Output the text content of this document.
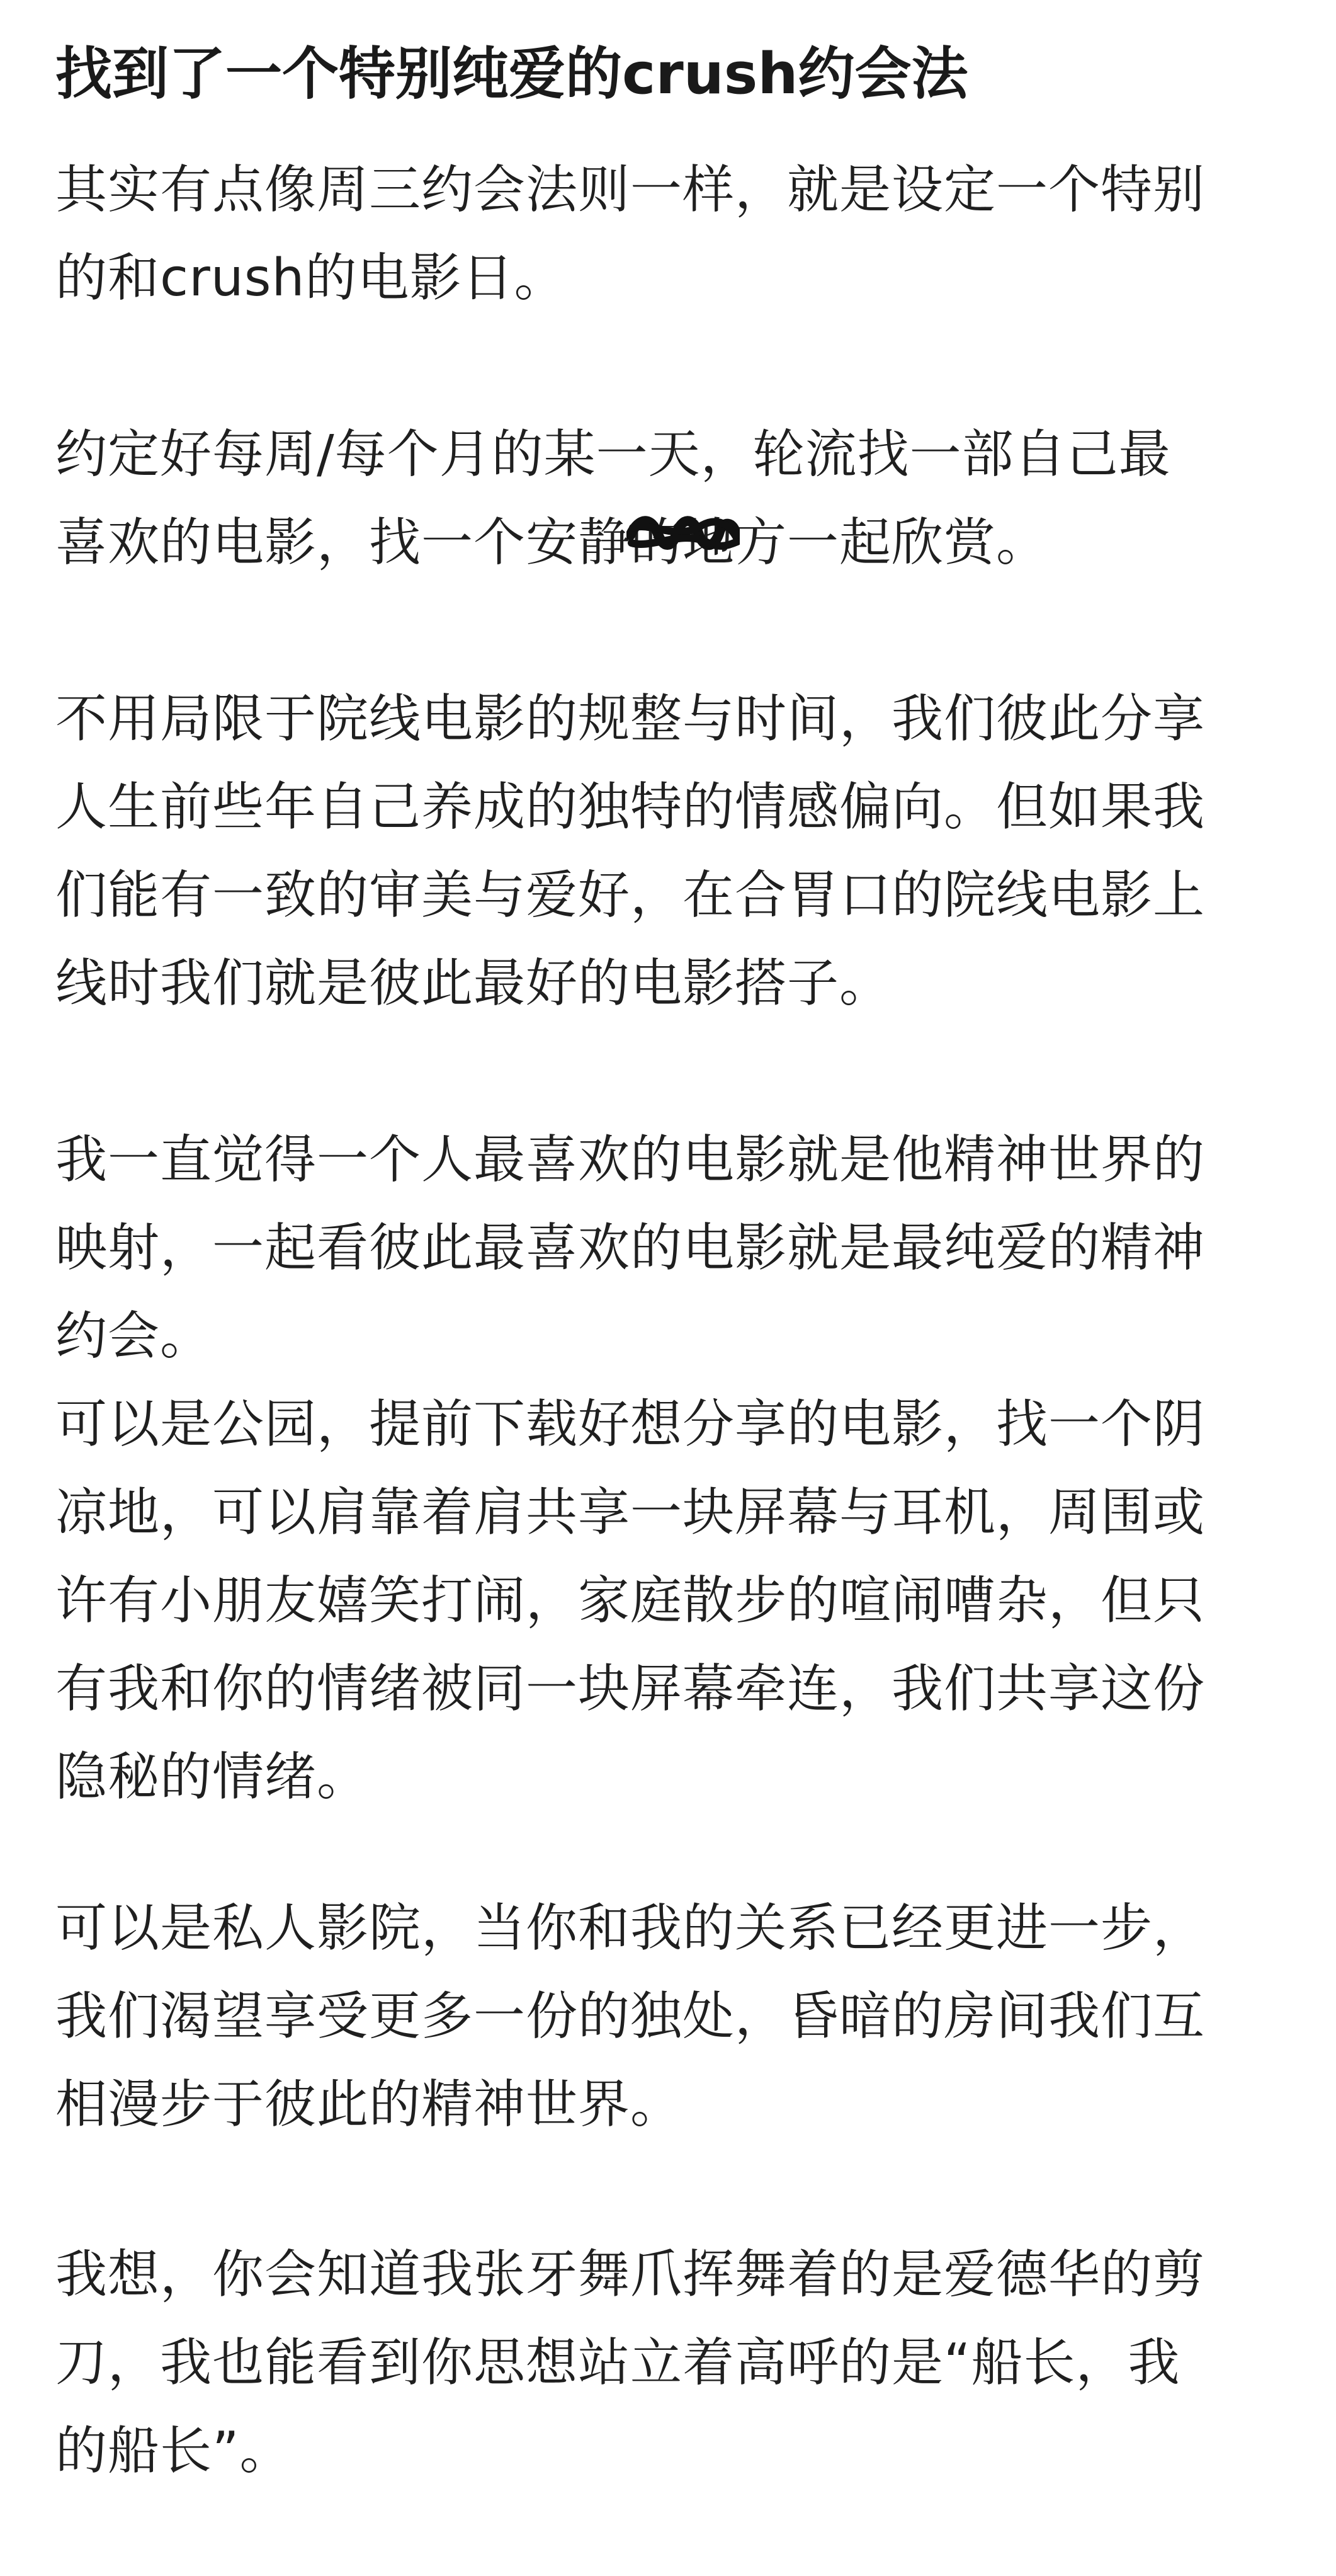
找到了一个特别纯爱的crush约会法
其实有点像周三约会法则一样，就是设定一个特别
的和crush的电影日。
约定好每周/每个月的某一天，轮流找一部自己最
喜欢的电影，找一个安静的地
方一起欣赏。
不用局限于院线电影的规整与时间，我们彼此分享
人生前些年自己养成的独特的情感偏向。但如果我
们能有一致的审美与爱好，在合胃口的院线电影上
线时我们就是彼此最好的电影搭子。
我一直觉得一个人最喜欢的电影就是他精神世界的
映射，一起看彼此最喜欢的电影就是最纯爱的精神
约会。
可以是公园，提前下载好想分享的电影，找一个阴
凉地，可以肩靠着肩共享一块屏幕与耳机，周围或
许有小朋友嬉笑打闹，家庭散步的喧闹嘈杂，但只
有我和你的情绪被同一块屏幕牵连，我们共享这份
隐秘的情绪。
可以是私人影院，当你和我的关系已经更进一步，
我们渴望享受更多一份的独处，昏暗的房间我们互
相漫步于彼此的精神世界。
我想，你会知道我张牙舞爪挥舞着的是爱德华的剪
刀，我也能看到你思想站立着高呼的是“船长，我
的船长”。
